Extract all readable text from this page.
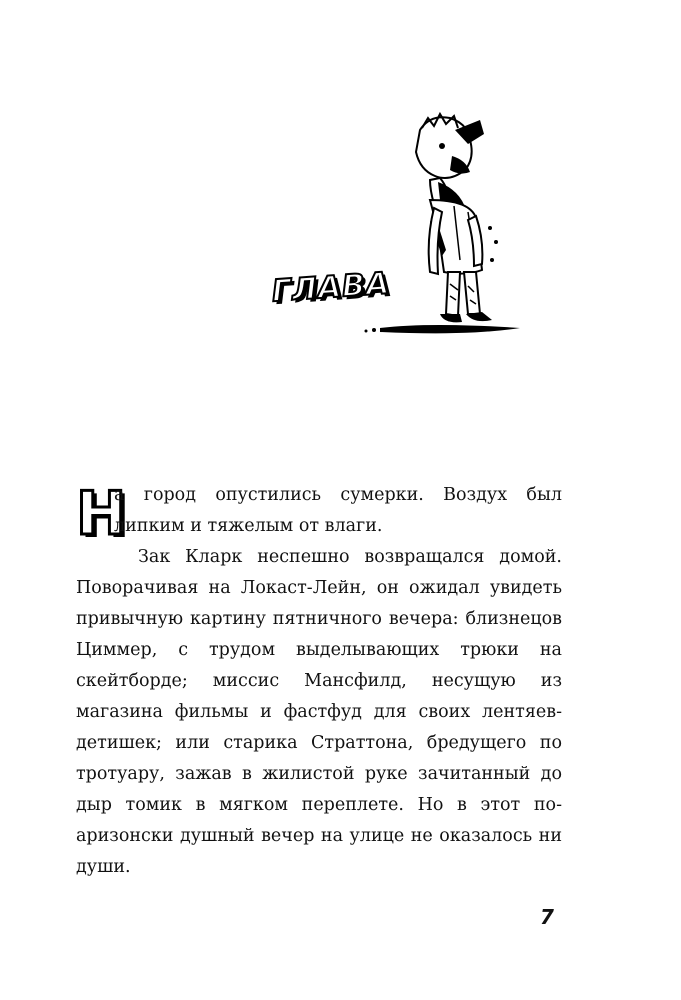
ГЛАВА

Н
а город опустились сумерки. Воздух был липким и тяжелым от влаги.

Зак Кларк неспешно возвращался домой. Поворачивая на Локаст-Лейн, он ожидал увидеть привычную картину пятничного вечера: близнецов Циммер, с трудом выделывающих трюки на скейтборде; миссис Мансфилд, несущую из магазина фильмы и фастфуд для своих лентяев-детишек; или старика Страттона, бредущего по тротуару, зажав в жилистой руке зачитанный до дыр томик в мягком переплете. Но в этот по-аризонски душный вечер на улице не оказалось ни души.

7
